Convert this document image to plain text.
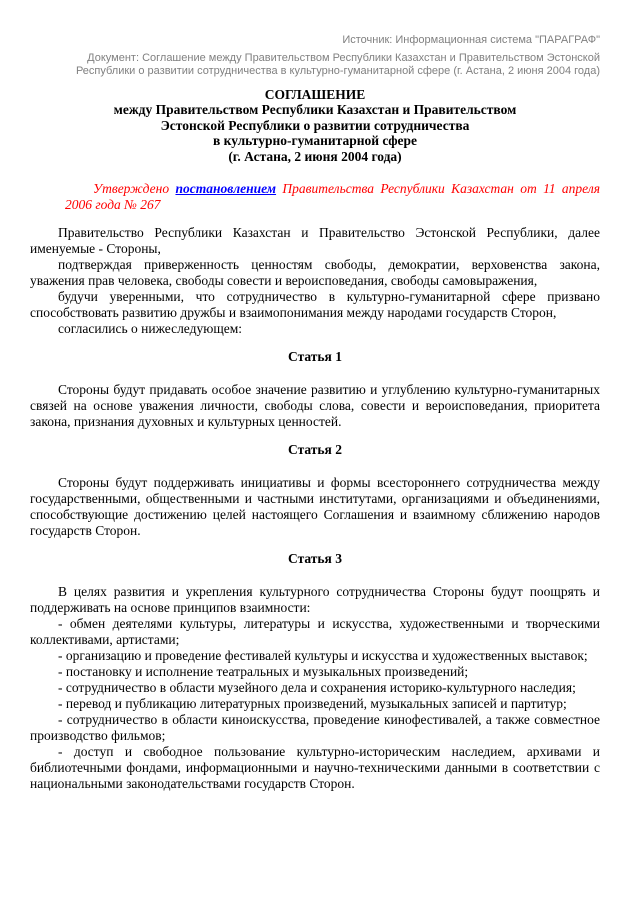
Источник: Информационная система "ПАРАГРАФ"
Документ: Соглашение между Правительством Республики Казахстан и Правительством Эстонской Республики о развитии сотрудничества в культурно-гуманитарной сфере (г. Астана, 2 июня 2004 года)
СОГЛАШЕНИЕ
между Правительством Республики Казахстан и Правительством
Эстонской Республики о развитии сотрудничества
в культурно-гуманитарной сфере
(г. Астана, 2 июня 2004 года)

Утверждено постановлением Правительства Республики Казахстан от 11 апреля 2006 года № 267

Правительство Республики Казахстан и Правительство Эстонской Республики, далее именуемые - Стороны,

подтверждая приверженность ценностям свободы, демократии, верховенства закона, уважения прав человека, свободы совести и вероисповедания, свободы самовыражения,

будучи уверенными, что сотрудничество в культурно-гуманитарной сфере призвано способствовать развитию дружбы и взаимопонимания между народами государств Сторон,

согласились о нижеследующем:

Статья 1

Стороны будут придавать особое значение развитию и углублению культурно-гуманитарных связей на основе уважения личности, свободы слова, совести и вероисповедания, приоритета закона, признания духовных и культурных ценностей.

Статья 2

Стороны будут поддерживать инициативы и формы всестороннего сотрудничества между государственными, общественными и частными институтами, организациями и объединениями, способствующие достижению целей настоящего Соглашения и взаимному сближению народов государств Сторон.

Статья 3

В целях развития и укрепления культурного сотрудничества Стороны будут поощрять и поддерживать на основе принципов взаимности:

- обмен деятелями культуры, литературы и искусства, художественными и творческими коллективами, артистами;

- организацию и проведение фестивалей культуры и искусства и художественных выставок;

- постановку и исполнение театральных и музыкальных произведений;

- сотрудничество в области музейного дела и сохранения историко-культурного наследия;

- перевод и публикацию литературных произведений, музыкальных записей и партитур;

- сотрудничество в области киноискусства, проведение кинофестивалей, а также совместное производство фильмов;

- доступ и свободное пользование культурно-историческим наследием, архивами и библиотечными фондами, информационными и научно-техническими данными в соответствии с национальными законодательствами государств Сторон.
